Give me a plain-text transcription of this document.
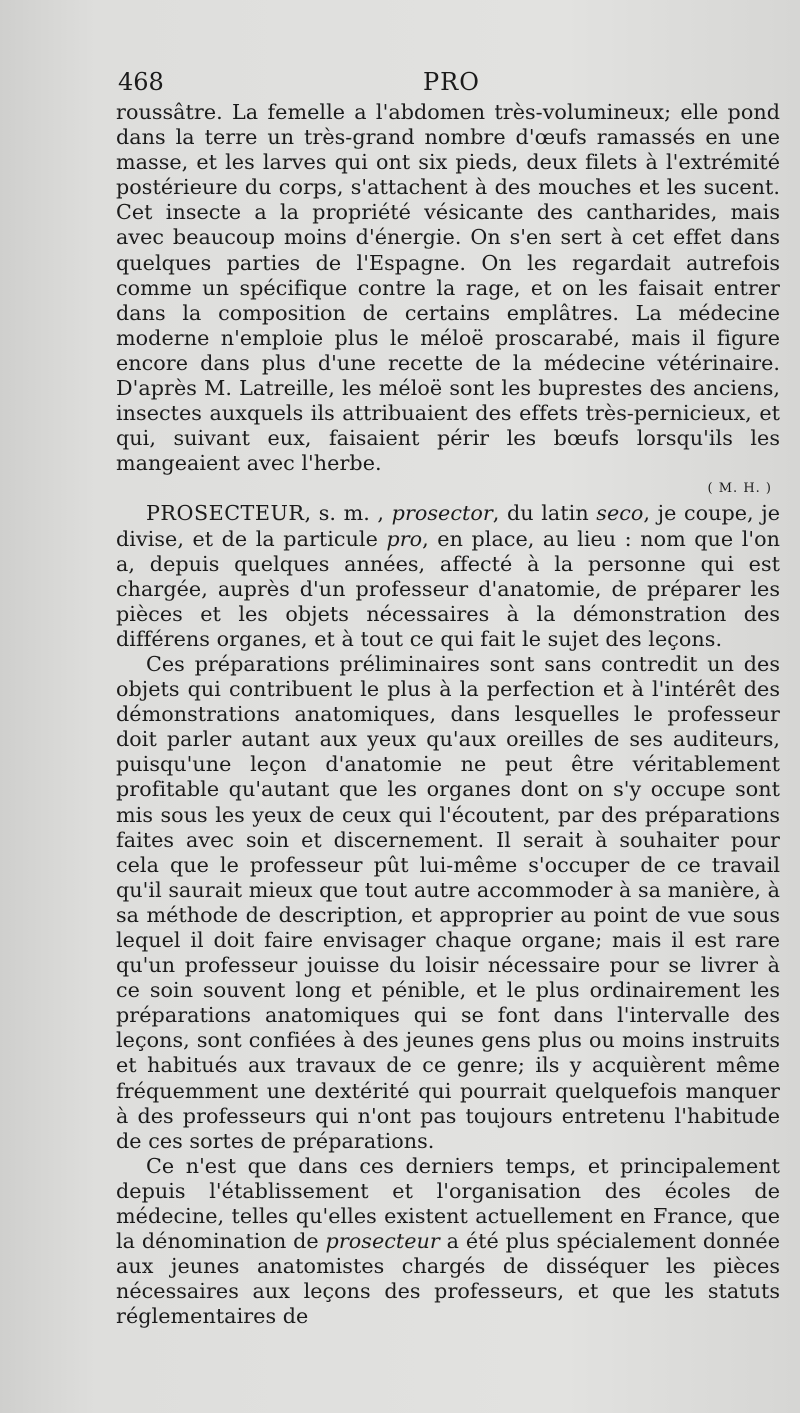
468	PRO

roussâtre. La femelle a l'abdomen très-volumineux; elle pond dans la terre un très-grand nombre d'œufs ramassés en une masse, et les larves qui ont six pieds, deux filets à l'extrémité postérieure du corps, s'attachent à des mouches et les sucent. Cet insecte a la propriété vésicante des cantharides, mais avec beaucoup moins d'énergie. On s'en sert à cet effet dans quelques parties de l'Espagne. On les regardait autrefois comme un spécifique contre la rage, et on les faisait entrer dans la composition de certains emplâtres. La médecine moderne n'emploie plus le méloë proscarabé, mais il figure encore dans plus d'une recette de la médecine vétérinaire. D'après M. Latreille, les méloë sont les buprestes des anciens, insectes auxquels ils attribuaient des effets très-pernicieux, et qui, suivant eux, faisaient périr les bœufs lorsqu'ils les mangeaient avec l'herbe.

( M. H. )

PROSECTEUR, s. m. , prosector, du latin seco, je coupe, je divise, et de la particule pro, en place, au lieu : nom que l'on a, depuis quelques années, affecté à la personne qui est chargée, auprès d'un professeur d'anatomie, de préparer les pièces et les objets nécessaires à la démonstration des différens organes, et à tout ce qui fait le sujet des leçons.

Ces préparations préliminaires sont sans contredit un des objets qui contribuent le plus à la perfection et à l'intérêt des démonstrations anatomiques, dans lesquelles le professeur doit parler autant aux yeux qu'aux oreilles de ses auditeurs, puisqu'une leçon d'anatomie ne peut être véritablement profitable qu'autant que les organes dont on s'y occupe sont mis sous les yeux de ceux qui l'écoutent, par des préparations faites avec soin et discernement. Il serait à souhaiter pour cela que le professeur pût lui-même s'occuper de ce travail qu'il saurait mieux que tout autre accommoder à sa manière, à sa méthode de description, et approprier au point de vue sous lequel il doit faire envisager chaque organe; mais il est rare qu'un professeur jouisse du loisir nécessaire pour se livrer à ce soin souvent long et pénible, et le plus ordinairement les préparations anatomiques qui se font dans l'intervalle des leçons, sont confiées à des jeunes gens plus ou moins instruits et habitués aux travaux de ce genre; ils y acquièrent même fréquemment une dextérité qui pourrait quelquefois manquer à des professeurs qui n'ont pas toujours entretenu l'habitude de ces sortes de préparations.

Ce n'est que dans ces derniers temps, et principalement depuis l'établissement et l'organisation des écoles de médecine, telles qu'elles existent actuellement en France, que la dénomination de prosecteur a été plus spécialement donnée aux jeunes anatomistes chargés de disséquer les pièces nécessaires aux leçons des professeurs, et que les statuts réglementaires de
